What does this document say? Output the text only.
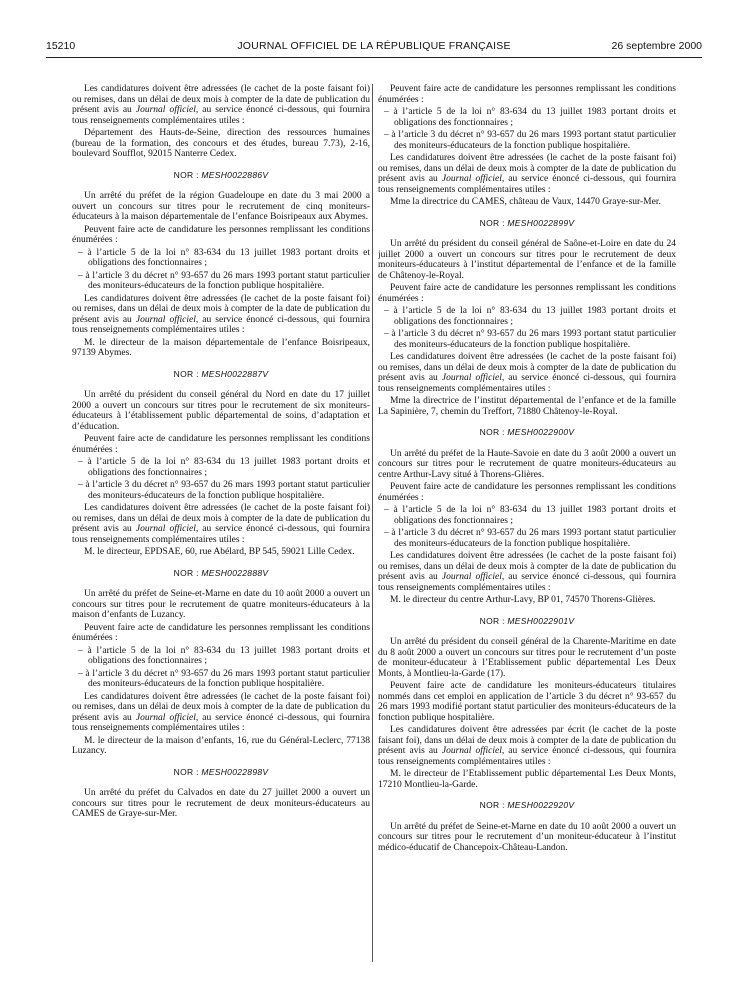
15210	JOURNAL OFFICIEL DE LA RÉPUBLIQUE FRANÇAISE	26 septembre 2000

Les candidatures doivent être adressées (le cachet de la poste faisant foi) ou remises, dans un délai de deux mois à compter de la date de publication du présent avis au Journal officiel, au service énoncé ci-dessous, qui fournira tous renseignements complémentaires utiles :

Département des Hauts-de-Seine, direction des ressources humaines (bureau de la formation, des concours et des études, bureau 7.73), 2-16, boulevard Soufflot, 92015 Nanterre Cedex.

NOR : MESH0022886V

Un arrêté du préfet de la région Guadeloupe en date du 3 mai 2000 a ouvert un concours sur titres pour le recrutement de cinq moniteurs-éducateurs à la maison départementale de l’enfance Boisripeaux aux Abymes.

Peuvent faire acte de candidature les personnes remplissant les conditions énumérées :

– à l’article 5 de la loi n° 83-634 du 13 juillet 1983 portant droits et obligations des fonctionnaires ;
– à l’article 3 du décret n° 93-657 du 26 mars 1993 portant statut particulier des moniteurs-éducateurs de la fonction publique hospitalière.

Les candidatures doivent être adressées (le cachet de la poste faisant foi) ou remises, dans un délai de deux mois à compter de la date de publication du présent avis au Journal officiel, au service énoncé ci-dessous, qui fournira tous renseignements complémentaires utiles :

M. le directeur de la maison départementale de l’enfance Boisripeaux, 97139 Abymes.

NOR : MESH0022887V

Un arrêté du président du conseil général du Nord en date du 17 juillet 2000 a ouvert un concours sur titres pour le recrutement de six moniteurs-éducateurs à l’établissement public départemental de soins, d’adaptation et d’éducation.

Peuvent faire acte de candidature les personnes remplissant les conditions énumérées :

– à l’article 5 de la loi n° 83-634 du 13 juillet 1983 portant droits et obligations des fonctionnaires ;
– à l’article 3 du décret n° 93-657 du 26 mars 1993 portant statut particulier des moniteurs-éducateurs de la fonction publique hospitalière.

Les candidatures doivent être adressées (le cachet de la poste faisant foi) ou remises, dans un délai de deux mois à compter de la date de publication du présent avis au Journal officiel, au service énoncé ci-dessous, qui fournira tous renseignements complémentaires utiles :

M. le directeur, EPDSAE, 60, rue Abélard, BP 545, 59021 Lille Cedex.

NOR : MESH0022888V

Un arrêté du préfet de Seine-et-Marne en date du 10 août 2000 a ouvert un concours sur titres pour le recrutement de quatre moniteurs-éducateurs à la maison d’enfants de Luzancy.

Peuvent faire acte de candidature les personnes remplissant les conditions énumérées :

– à l’article 5 de la loi n° 83-634 du 13 juillet 1983 portant droits et obligations des fonctionnaires ;
– à l’article 3 du décret n° 93-657 du 26 mars 1993 portant statut particulier des moniteurs-éducateurs de la fonction publique hospitalière.

Les candidatures doivent être adressées (le cachet de la poste faisant foi) ou remises, dans un délai de deux mois à compter de la date de publication du présent avis au Journal officiel, au service énoncé ci-dessous, qui fournira tous renseignements complémentaires utiles :

M. le directeur de la maison d’enfants, 16, rue du Général-Leclerc, 77138 Luzancy.

NOR : MESH0022898V

Un arrêté du préfet du Calvados en date du 27 juillet 2000 a ouvert un concours sur titres pour le recrutement de deux moniteurs-éducateurs au CAMES de Graye-sur-Mer.

Peuvent faire acte de candidature les personnes remplissant les conditions énumérées :

– à l’article 5 de la loi n° 83-634 du 13 juillet 1983 portant droits et obligations des fonctionnaires ;
– à l’article 3 du décret n° 93-657 du 26 mars 1993 portant statut particulier des moniteurs-éducateurs de la fonction publique hospitalière.

Les candidatures doivent être adressées (le cachet de la poste faisant foi) ou remises, dans un délai de deux mois à compter de la date de publication du présent avis au Journal officiel, au service énoncé ci-dessous, qui fournira tous renseignements complémentaires utiles :

Mme la directrice du CAMES, château de Vaux, 14470 Graye-sur-Mer.

NOR : MESH0022899V

Un arrêté du président du conseil général de Saône-et-Loire en date du 24 juillet 2000 a ouvert un concours sur titres pour le recrutement de deux moniteurs-éducateurs à l’institut départemental de l’enfance et de la famille de Châtenoy-le-Royal.

Peuvent faire acte de candidature les personnes remplissant les conditions énumérées :

– à l’article 5 de la loi n° 83-634 du 13 juillet 1983 portant droits et obligations des fonctionnaires ;
– à l’article 3 du décret n° 93-657 du 26 mars 1993 portant statut particulier des moniteurs-éducateurs de la fonction publique hospitalière.

Les candidatures doivent être adressées (le cachet de la poste faisant foi) ou remises, dans un délai de deux mois à compter de la date de publication du présent avis au Journal officiel, au service énoncé ci-dessous, qui fournira tous renseignements complémentaires utiles :

Mme la directrice de l’institut départemental de l’enfance et de la famille La Sapinière, 7, chemin du Treffort, 71880 Châtenoy-le-Royal.

NOR : MESH0022900V

Un arrêté du préfet de la Haute-Savoie en date du 3 août 2000 a ouvert un concours sur titres pour le recrutement de quatre moniteurs-éducateurs au centre Arthur-Lavy situé à Thorens-Glières.

Peuvent faire acte de candidature les personnes remplissant les conditions énumérées :

– à l’article 5 de la loi n° 83-634 du 13 juillet 1983 portant droits et obligations des fonctionnaires ;
– à l’article 3 du décret n° 93-657 du 26 mars 1993 portant statut particulier des moniteurs-éducateurs de la fonction publique hospitalière.

Les candidatures doivent être adressées (le cachet de la poste faisant foi) ou remises, dans un délai de deux mois à compter de la date de publication du présent avis au Journal officiel, au service énoncé ci-dessous, qui fournira tous renseignements complémentaires utiles :

M. le directeur du centre Arthur-Lavy, BP 01, 74570 Thorens-Glières.

NOR : MESH0022901V

Un arrêté du président du conseil général de la Charente-Maritime en date du 8 août 2000 a ouvert un concours sur titres pour le recrutement d’un poste de moniteur-éducateur à l’Etablissement public départemental Les Deux Monts, à Montlieu-la-Garde (17).

Peuvent faire acte de candidature les moniteurs-éducateurs titulaires nommés dans cet emploi en application de l’article 3 du décret n° 93-657 du 26 mars 1993 modifié portant statut particulier des moniteurs-éducateurs de la fonction publique hospitalière.

Les candidatures doivent être adressées par écrit (le cachet de la poste faisant foi), dans un délai de deux mois à compter de la date de publication du présent avis au Journal officiel, au service énoncé ci-dessous, qui fournira tous renseignements complémentaires utiles :

M. le directeur de l’Etablissement public départemental Les Deux Monts, 17210 Montlieu-la-Garde.

NOR : MESH0022920V

Un arrêté du préfet de Seine-et-Marne en date du 10 août 2000 a ouvert un concours sur titres pour le recrutement d’un moniteur-éducateur à l’institut médico-éducatif de Chancepoix-Château-Landon.
